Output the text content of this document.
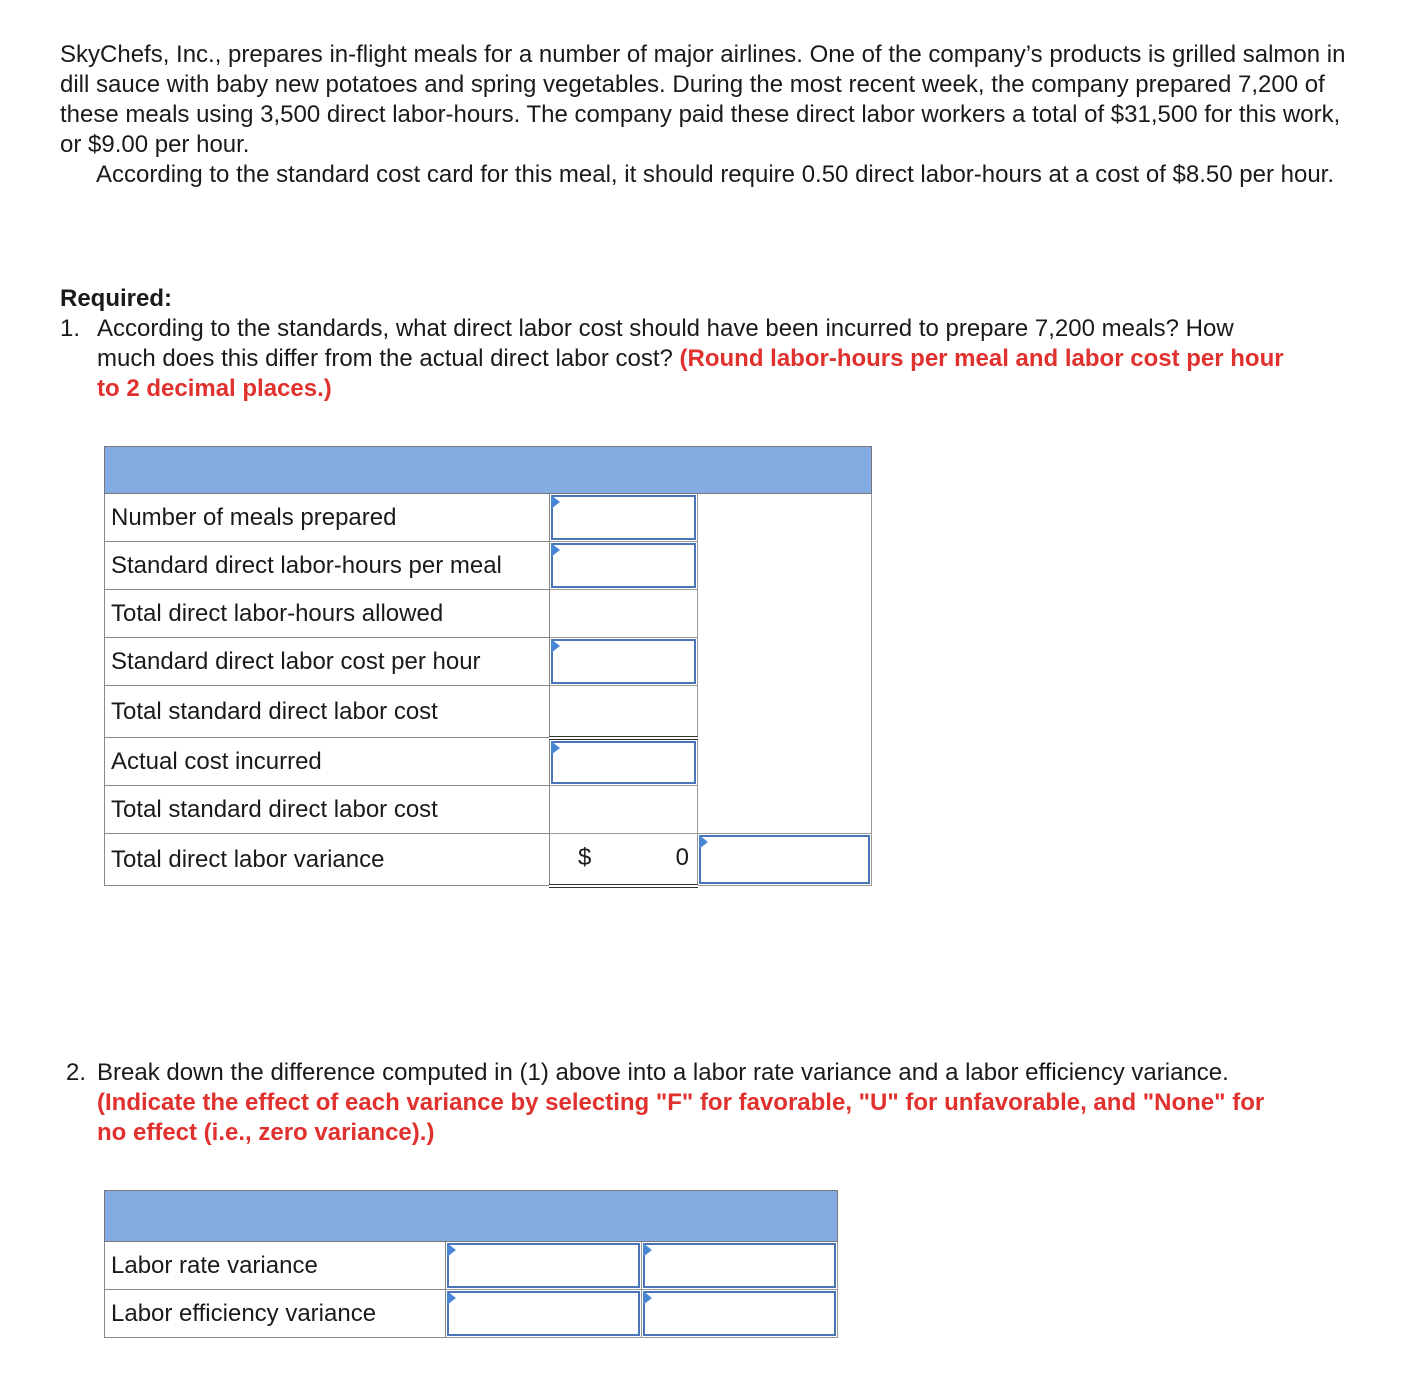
SkyChefs, Inc., prepares in-flight meals for a number of major airlines. One of the company’s products is grilled salmon in dill sauce with baby new potatoes and spring vegetables. During the most recent week, the company prepared 7,200 of these meals using 3,500 direct labor-hours. The company paid these direct labor workers a total of $31,500 for this work, or $9.00 per hour.

According to the standard cost card for this meal, it should require 0.50 direct labor-hours at a cost of $8.50 per hour.

Required:
1. According to the standards, what direct labor cost should have been incurred to prepare 7,200 meals? How much does this differ from the actual direct labor cost? (Round labor-hours per meal and labor cost per hour to 2 decimal places.)

Number of meals prepared	

Standard direct labor-hours per meal		

Total direct labor-hours allowed		
Standard direct labor cost per hour		

Total standard direct labor cost		
Actual cost incurred		

Total standard direct labor cost		
Total direct labor variance	$ 0	

2. Break down the difference computed in (1) above into a labor rate variance and a labor efficiency variance. (Indicate the effect of each variance by selecting "F" for favorable, "U" for unfavorable, and "None" for no effect (i.e., zero variance).)

Labor rate variance	

Labor efficiency variance	
